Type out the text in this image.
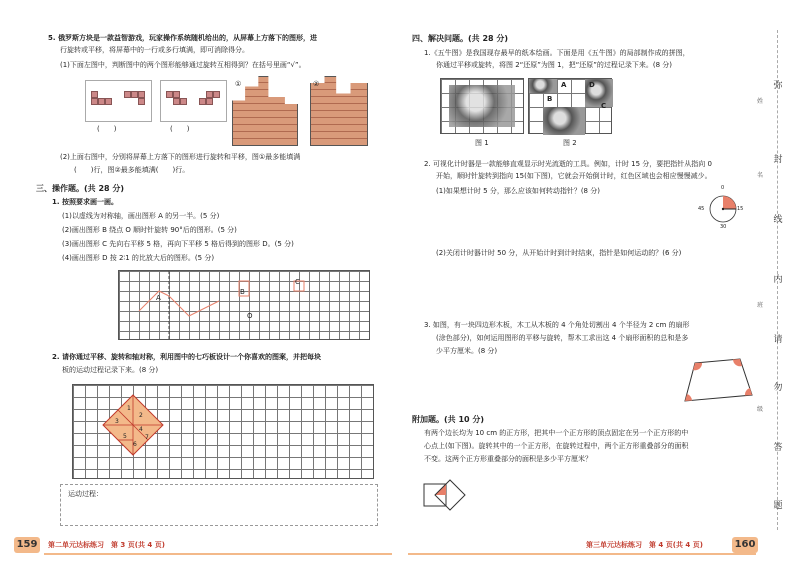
5. 俄罗斯方块是一款益智游戏，玩家操作系统随机给出的，从屏幕上方落下的图形，进
行旋转或平移，将屏幕中的一行或多行填满，即可消除得分。
(1)下面左图中，判断图中的两个图形能够通过旋转互相得到？在括号里画“√”。
(　　)	(　　)
①	②
(2)上面右图中，分别将屏幕上方落下的图形进行旋转和平移，图①最多能填满
(　　)行，图②最多能填满(　　)行。
三、操作题。(共 28 分)
1. 按照要求画一画。
(1)以虚线为对称轴，画出图形 A 的另一半。(5 分)
(2)画出图形 B 绕点 O 顺时针旋转 90°后的图形。(5 分)
(3)画出图形 C 先向右平移 5 格，再向下平移 5 格后得到的图形 D。(5 分)
(4)画出图形 D 按 2∶1 的比放大后的图形。(5 分)
A
B
C
O
2. 请你通过平移、旋转和轴对称，利用图中的七巧板设计一个你喜欢的图案，并把每块
板的运动过程记录下来。(8 分)
1
2
3
4
5
6
7
运动过程：
159	第二单元达标练习　第 3 页(共 4 页)
四、解决问题。(共 28 分)
1.《五牛图》是我国现存最早的纸本绘画。下面是用《五牛图》的局部制作成的拼图，
你通过平移或旋转，将图 2“还原”为图 1，把“还原”的过程记录下来。(8 分)
A
B
C
D
图 1	图 2
2. 可视化计时器是一款能够直观显示时光流逝的工具。例如，计时 15 分，要把指针从指向 0
开始，顺时针旋转到指向 15(如下图)，它就会开始倒计时，红色区域也会相应慢慢减少。
(1)如果想计时 5 分，那么应该如何转动指针？(8 分)	0
15
30
45
(2)关闭计时器计时 50 分，从开始计时到计时结束，指针是如何运动的？(6 分)
3. 如图，有一块四边形木板，木工从木板的 4 个角处切割出 4 个半径为 2 cm 的扇形
(涂色部分)，如何运用图形的平移与旋转，帮木工求出这 4 个扇形面积的总和是多
少平方厘米。(8 分)
附加题。(共 10 分)
有两个边长均为 10 cm 的正方形，把其中一个正方形的顶点固定在另一个正方形的中
心点上(如下图)。旋转其中的一个正方形，在旋转过程中，两个正方形重叠部分的面积
不变。这两个正方形重叠部分的面积是多少平方厘米？
第三单元达标练习　第 4 页(共 4 页)	160
弥
封
线
内
请
勿
答
题
姓
名
班
级
